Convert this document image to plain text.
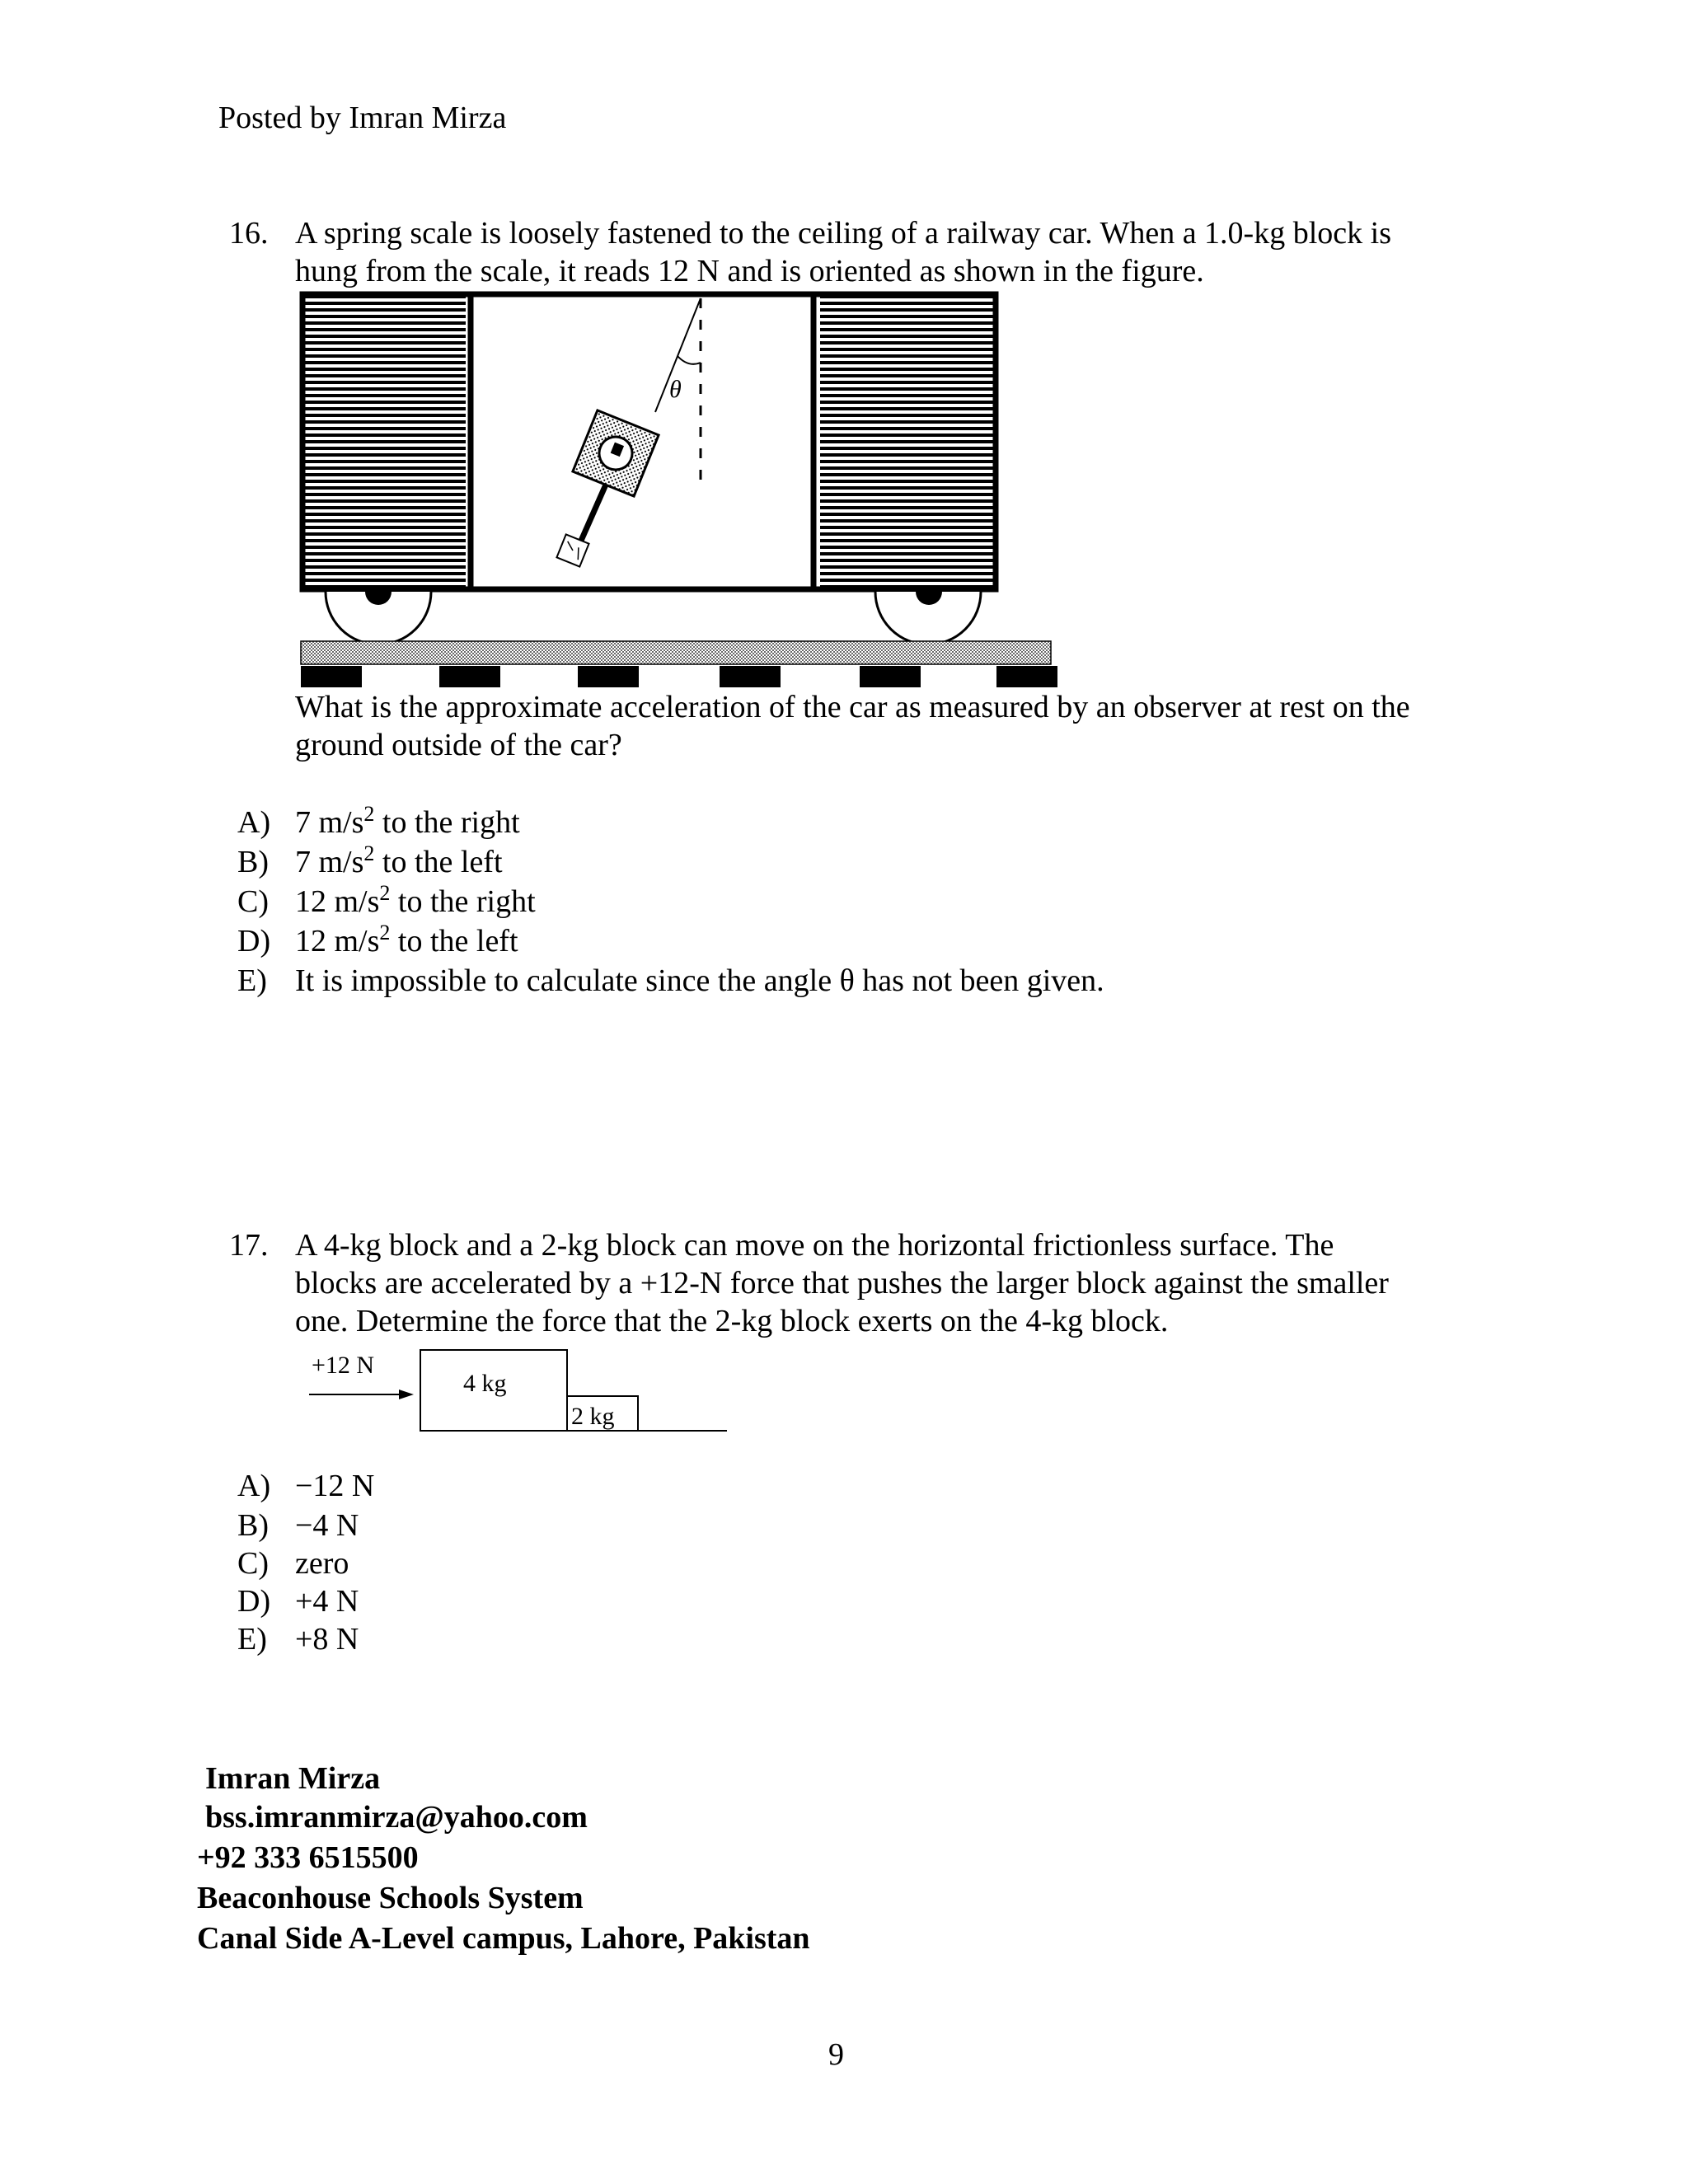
Posted by Imran Mirza
16. A spring scale is loosely fastened to the ceiling of a railway car. When a 1.0-kg block is
hung from the scale, it reads 12 N and is oriented as shown in the figure.
θ
What is the approximate acceleration of the car as measured by an observer at rest on the
ground outside of the car?
A) 7 $m/s^2$ to the right
B) 7 $m/s^2$ to the left
C) 12 $m/s^2$ to the right
D) 12 $m/s^2$ to the left
E) It is impossible to calculate since the angle θ has not been given.
17. A 4-kg block and a 2-kg block can move on the horizontal frictionless surface. The
blocks are accelerated by a +12-N force that pushes the larger block against the smaller
one. Determine the force that the 2-kg block exerts on the 4-kg block.
+12 N
4 kg
2 kg
A) −12 N
B) −4 N
C) zero
D) +4 N
E) +8 N
Imran Mirza
bss.imranmirza@yahoo.com
+92 333 6515500
Beaconhouse Schools System
Canal Side A-Level campus, Lahore, Pakistan
9
